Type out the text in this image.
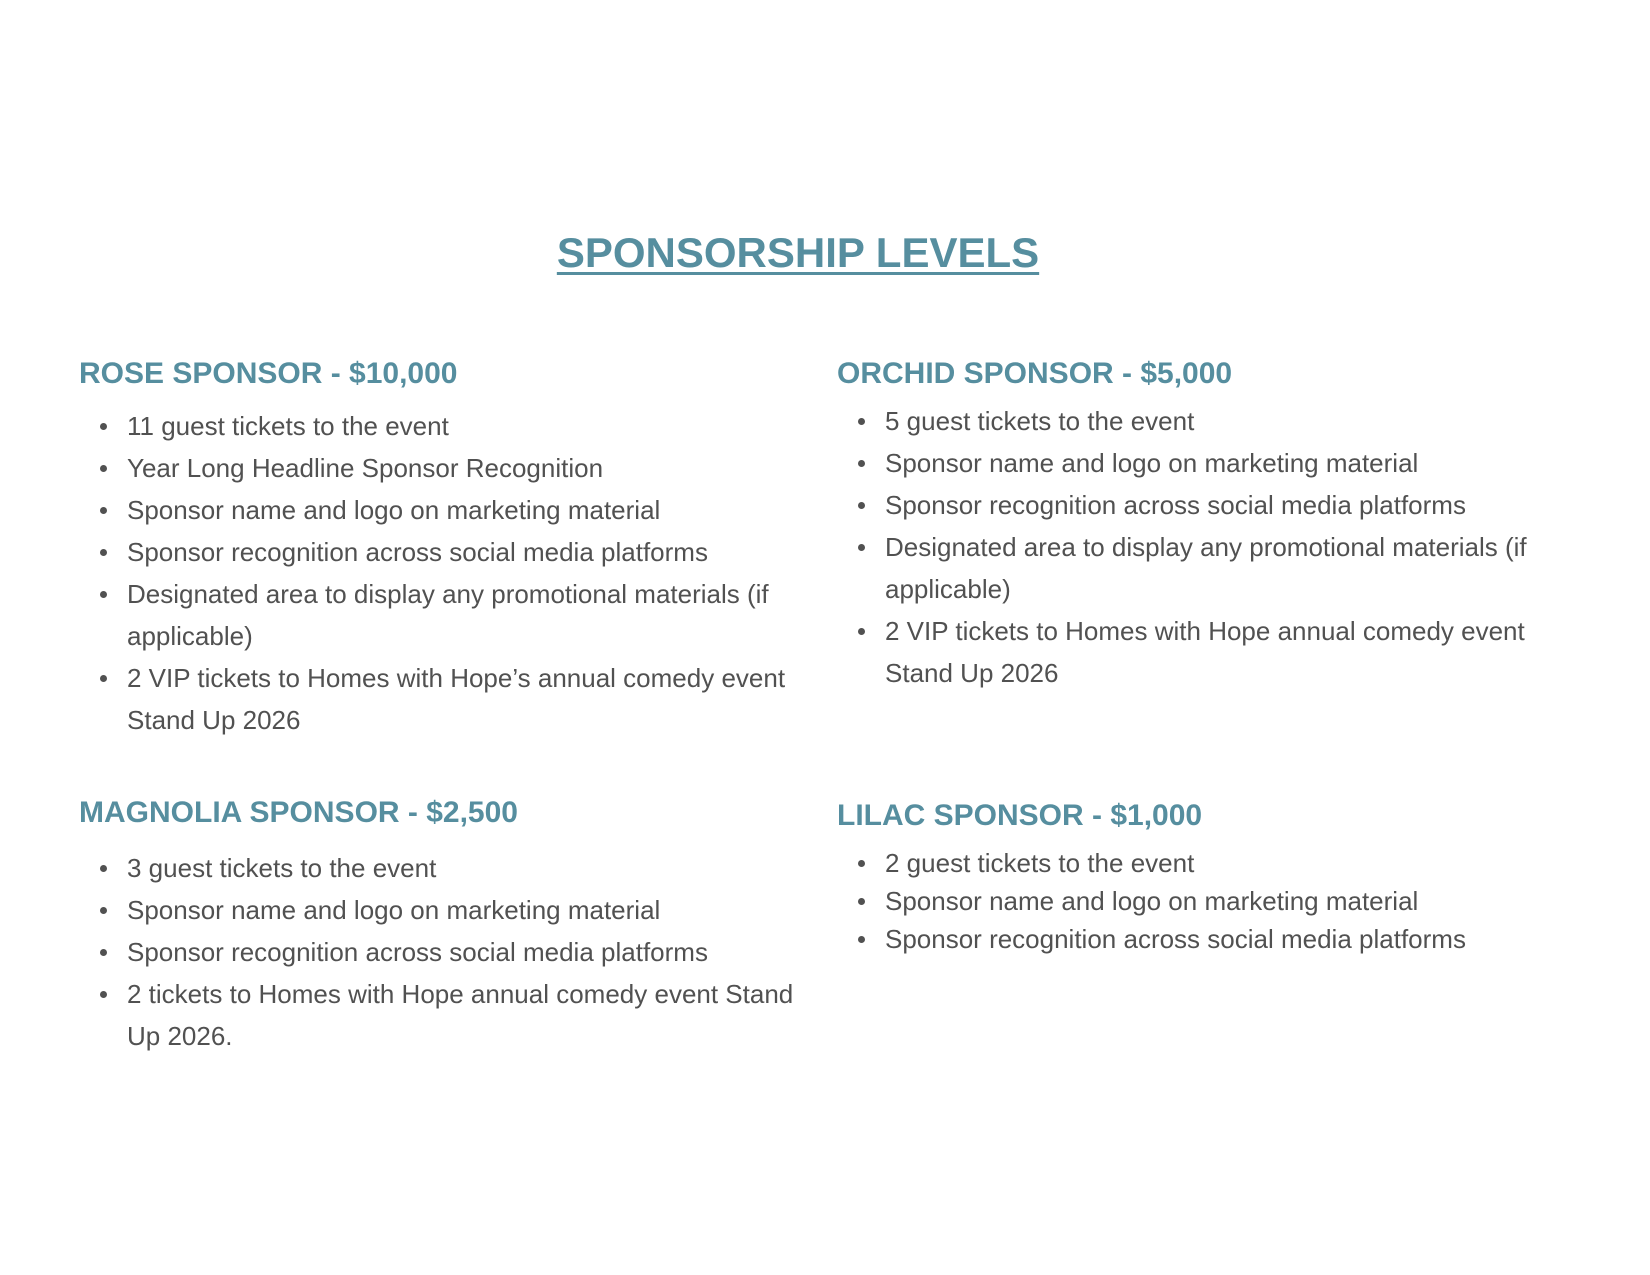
SPONSORSHIP LEVELS
ROSE SPONSOR - $10,000
11 guest tickets to the event
Year Long Headline Sponsor Recognition
Sponsor name and logo on marketing material
Sponsor recognition across social media platforms
Designated area to display any promotional materials (if applicable)
2 VIP tickets to Homes with Hope’s annual comedy event Stand Up 2026
ORCHID SPONSOR - $5,000
5 guest tickets to the event
Sponsor name and logo on marketing material
Sponsor recognition across social media platforms
Designated area to display any promotional materials (if applicable)
2 VIP tickets to Homes with Hope annual comedy event Stand Up 2026
MAGNOLIA SPONSOR - $2,500
3 guest tickets to the event
Sponsor name and logo on marketing material
Sponsor recognition across social media platforms
2 tickets to Homes with Hope annual comedy event Stand Up 2026.
LILAC SPONSOR - $1,000
2 guest tickets to the event
Sponsor name and logo on marketing material
Sponsor recognition across social media platforms
